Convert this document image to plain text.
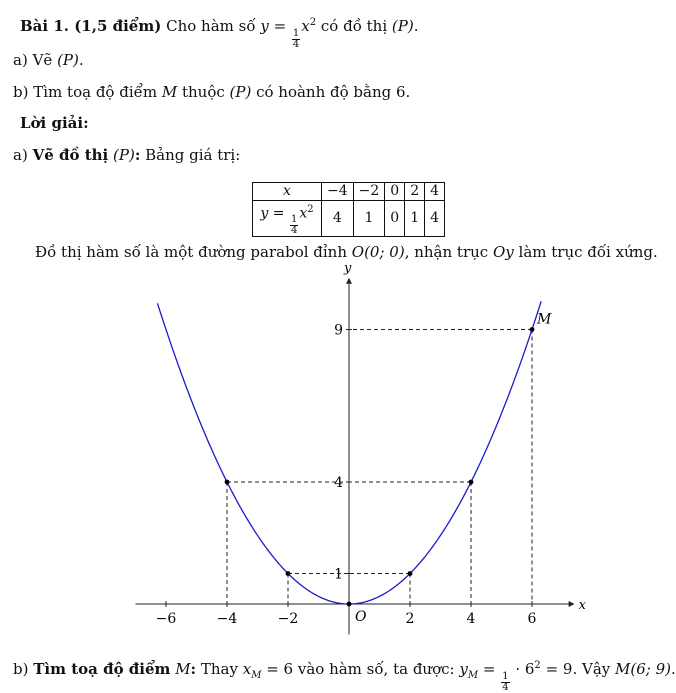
Bài 1. (1,5 điểm) Cho hàm số y =
$\frac{1}{4}$
$x^2$ có đồ thị (P).
a) Vẽ (P).
b) Tìm toạ độ điểm M thuộc (P) có hoành độ bằng 6.
Lời giải:
a) Vẽ đồ thị (P): Bảng giá trị:
x	−4	−2	0	2	4
y =
$\frac{1}{4}$
$x^2$	4	1	0	1	4
Đồ thị hàm số là một đường parabol đỉnh O(0; 0), nhận trục Oy làm trục đối xứng.
x
y
O
−6	−4	−2	2	4	6
1
4
9
M
b) Tìm toạ độ điểm M: Thay $x_M = 6$ vào hàm số, ta được: $y_M$ =
$\frac{1}{4}$
· $6^2 = 9$. Vậy M(6; 9).
